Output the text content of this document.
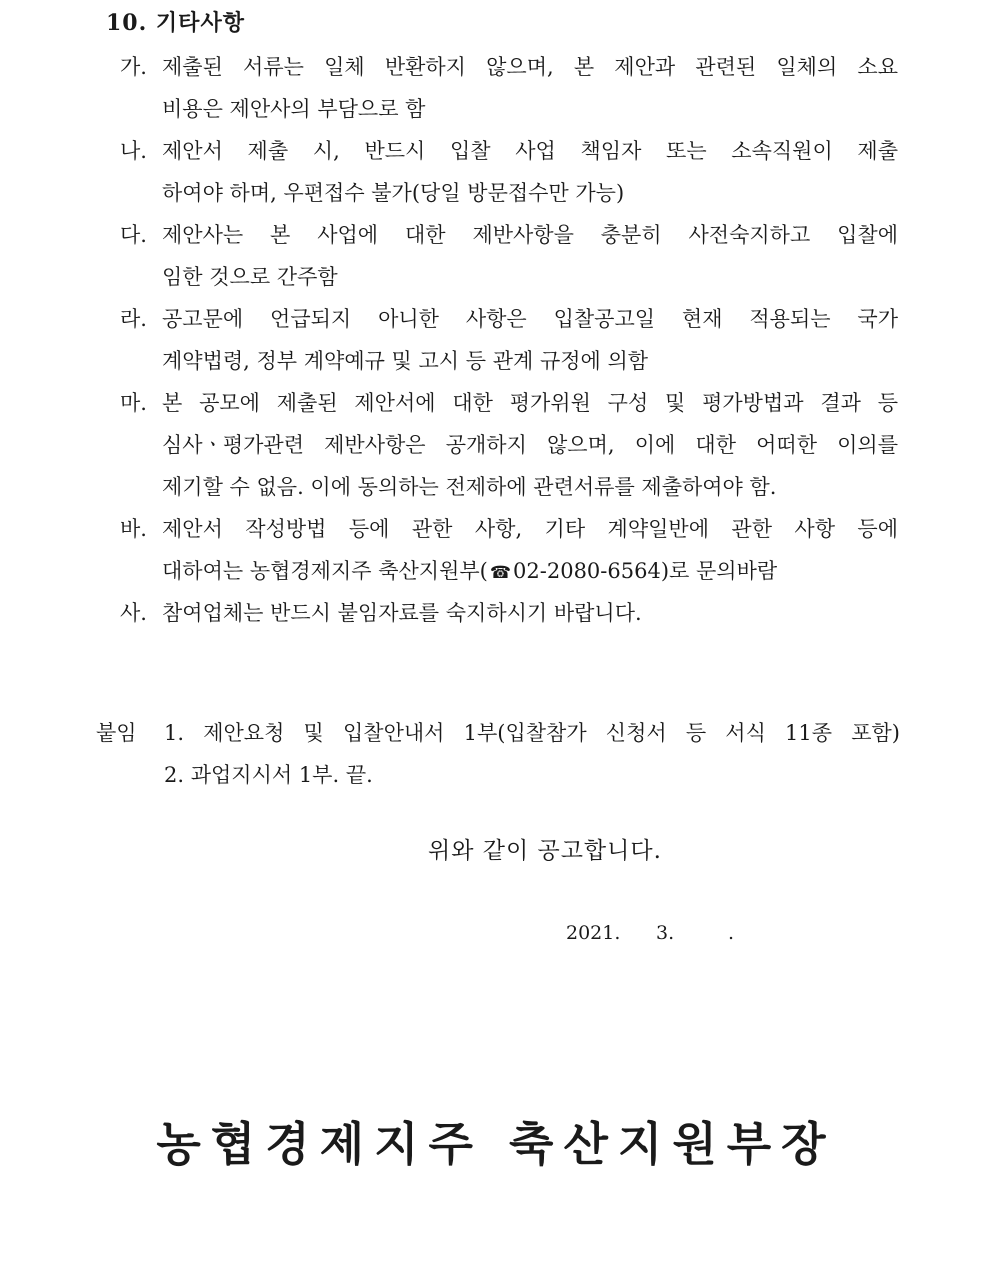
10. 기타사항
가. 제출된 서류는 일체 반환하지 않으며, 본 제안과 관련된 일체의 소요
비용은 제안사의 부담으로 함
나. 제안서 제출 시, 반드시 입찰 사업 책임자 또는 소속직원이 제출
하여야 하며, 우편접수 불가(당일 방문접수만 가능)
다. 제안사는 본 사업에 대한 제반사항을 충분히 사전숙지하고 입찰에
임한 것으로 간주함
라. 공고문에 언급되지 아니한 사항은 입찰공고일 현재 적용되는 국가
계약법령, 정부 계약예규 및 고시 등 관계 규정에 의함
마. 본 공모에 제출된 제안서에 대한 평가위원 구성 및 평가방법과 결과 등
심사ㆍ평가관련 제반사항은 공개하지 않으며, 이에 대한 어떠한 이의를
제기할 수 없음. 이에 동의하는 전제하에 관련서류를 제출하여야 함.
바. 제안서 작성방법 등에 관한 사항, 기타 계약일반에 관한 사항 등에
대하여는 농협경제지주 축산지원부( ☎02-2080-6564)로 문의바람
사. 참여업체는 반드시 붙임자료를 숙지하시기 바랍니다.
붙임	1. 제안요청 및 입찰안내서 1부(입찰참가 신청서 등 서식 11종 포함)
2. 과업지시서 1부. 끝.
위와 같이 공고합니다.
2021.	3.	.
농협경제지주 축산지원부장
